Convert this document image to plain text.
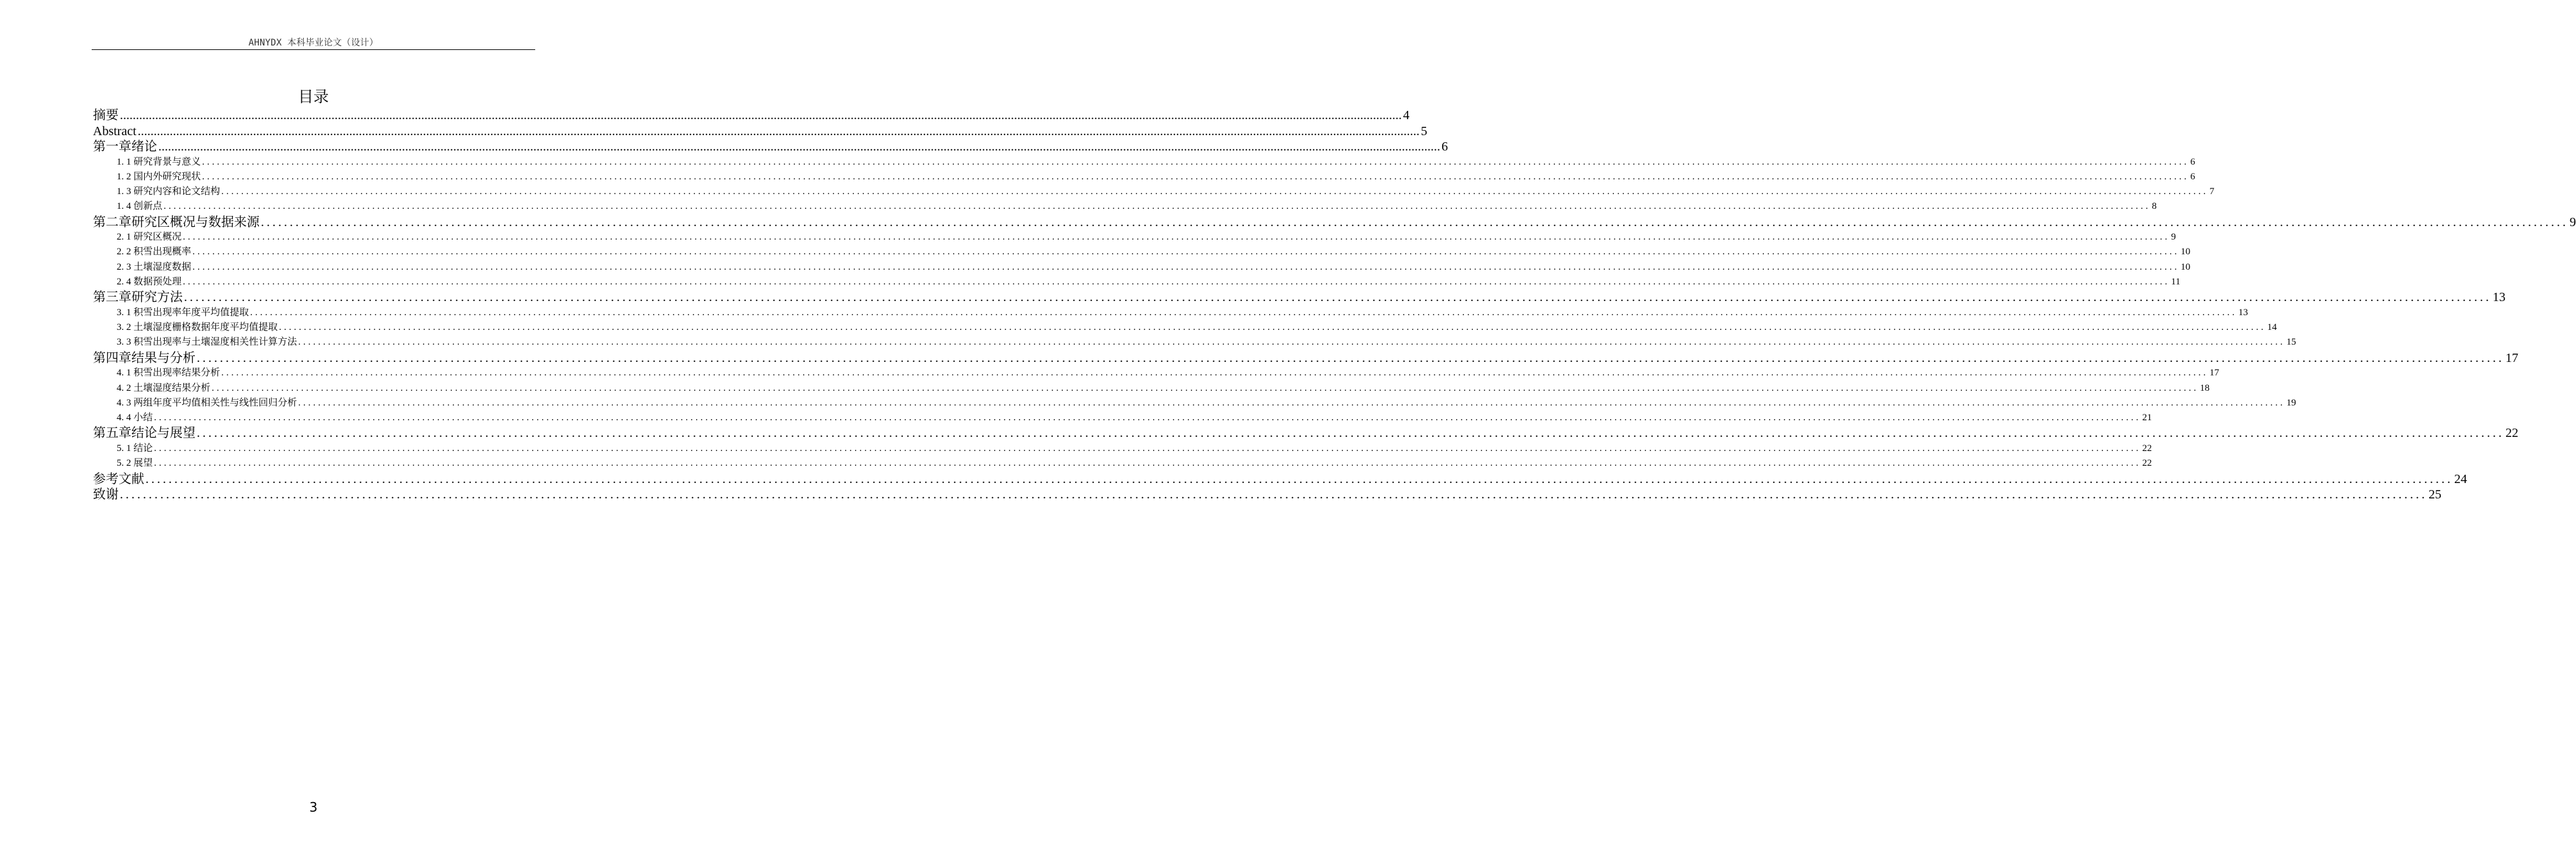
AHNYDX 本科毕业论文（设计）
目录
摘要 ................................................................................................................................................................................................................................................................................................................................................................................................................ 4
Abstract ................................................................................................................................................................................................................................................................................................................................................................................................................ 5
第一章绪论 ................................................................................................................................................................................................................................................................................................................................................................................................................ 6
1. 1 研究背景与意义 ................................................................................................................................................................................................................................................................................................................................................................................................................ 6
1. 2 国内外研究现状 ................................................................................................................................................................................................................................................................................................................................................................................................................ 6
1. 3 研究内容和论文结构 ................................................................................................................................................................................................................................................................................................................................................................................................................ 7
1. 4 创新点 ................................................................................................................................................................................................................................................................................................................................................................................................................ 8
第二章研究区概况与数据来源 ................................................................................................................................................................................................................................................................................................................................................................................................................ 9
2. 1 研究区概况 ................................................................................................................................................................................................................................................................................................................................................................................................................ 9
2. 2 积雪出现概率 ................................................................................................................................................................................................................................................................................................................................................................................................................ 10
2. 3 土壤湿度数据 ................................................................................................................................................................................................................................................................................................................................................................................................................ 10
2. 4 数据预处理 ................................................................................................................................................................................................................................................................................................................................................................................................................ 11
第三章研究方法 ................................................................................................................................................................................................................................................................................................................................................................................................................ 13
3. 1 积雪出现率年度平均值提取 ................................................................................................................................................................................................................................................................................................................................................................................................................ 13
3. 2 土壤湿度栅格数据年度平均值提取 ................................................................................................................................................................................................................................................................................................................................................................................................................ 14
3. 3 积雪出现率与土壤湿度相关性计算方法 ................................................................................................................................................................................................................................................................................................................................................................................................................ 15
第四章结果与分析 ................................................................................................................................................................................................................................................................................................................................................................................................................ 17
4. 1 积雪出现率结果分析 ................................................................................................................................................................................................................................................................................................................................................................................................................ 17
4. 2 土壤湿度结果分析 ................................................................................................................................................................................................................................................................................................................................................................................................................ 18
4. 3 两组年度平均值相关性与线性回归分析 ................................................................................................................................................................................................................................................................................................................................................................................................................ 19
4. 4 小结 ................................................................................................................................................................................................................................................................................................................................................................................................................ 21
第五章结论与展望 ................................................................................................................................................................................................................................................................................................................................................................................................................ 22
5. 1 结论 ................................................................................................................................................................................................................................................................................................................................................................................................................ 22
5. 2 展望 ................................................................................................................................................................................................................................................................................................................................................................................................................ 22
参考文献 ................................................................................................................................................................................................................................................................................................................................................................................................................ 24
致谢 ................................................................................................................................................................................................................................................................................................................................................................................................................ 25
3
